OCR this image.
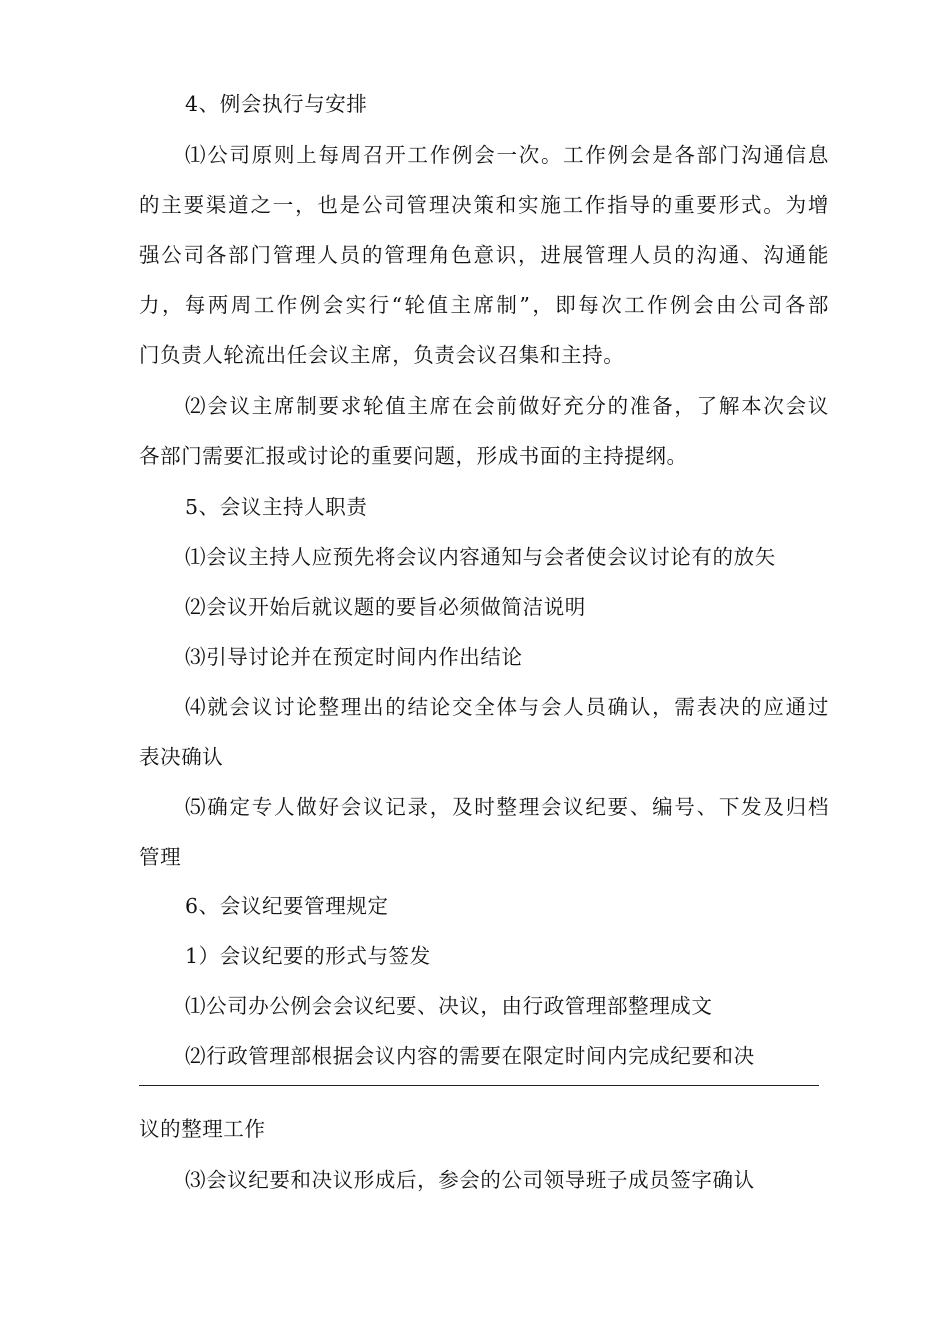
4、例会执行与安排
⑴公司原则上每周召开工作例会一次。工作例会是各部门沟通信息
的主要渠道之一，也是公司管理决策和实施工作指导的重要形式。为增
强公司各部门管理人员的管理角色意识，进展管理人员的沟通、沟通能
力，每两周工作例会实行“轮值主席制”，即每次工作例会由公司各部
门负责人轮流出任会议主席，负责会议召集和主持。
⑵会议主席制要求轮值主席在会前做好充分的准备，了解本次会议
各部门需要汇报或讨论的重要问题，形成书面的主持提纲。
5、会议主持人职责
⑴会议主持人应预先将会议内容通知与会者使会议讨论有的放矢
⑵会议开始后就议题的要旨必须做简洁说明
⑶引导讨论并在预定时间内作出结论
⑷就会议讨论整理出的结论交全体与会人员确认，需表决的应通过
表决确认
⑸确定专人做好会议记录，及时整理会议纪要、编号、下发及归档
管理
6、会议纪要管理规定
1）会议纪要的形式与签发
⑴公司办公例会会议纪要、决议，由行政管理部整理成文
⑵行政管理部根据会议内容的需要在限定时间内完成纪要和决
议的整理工作
⑶会议纪要和决议形成后，参会的公司领导班子成员签字确认
